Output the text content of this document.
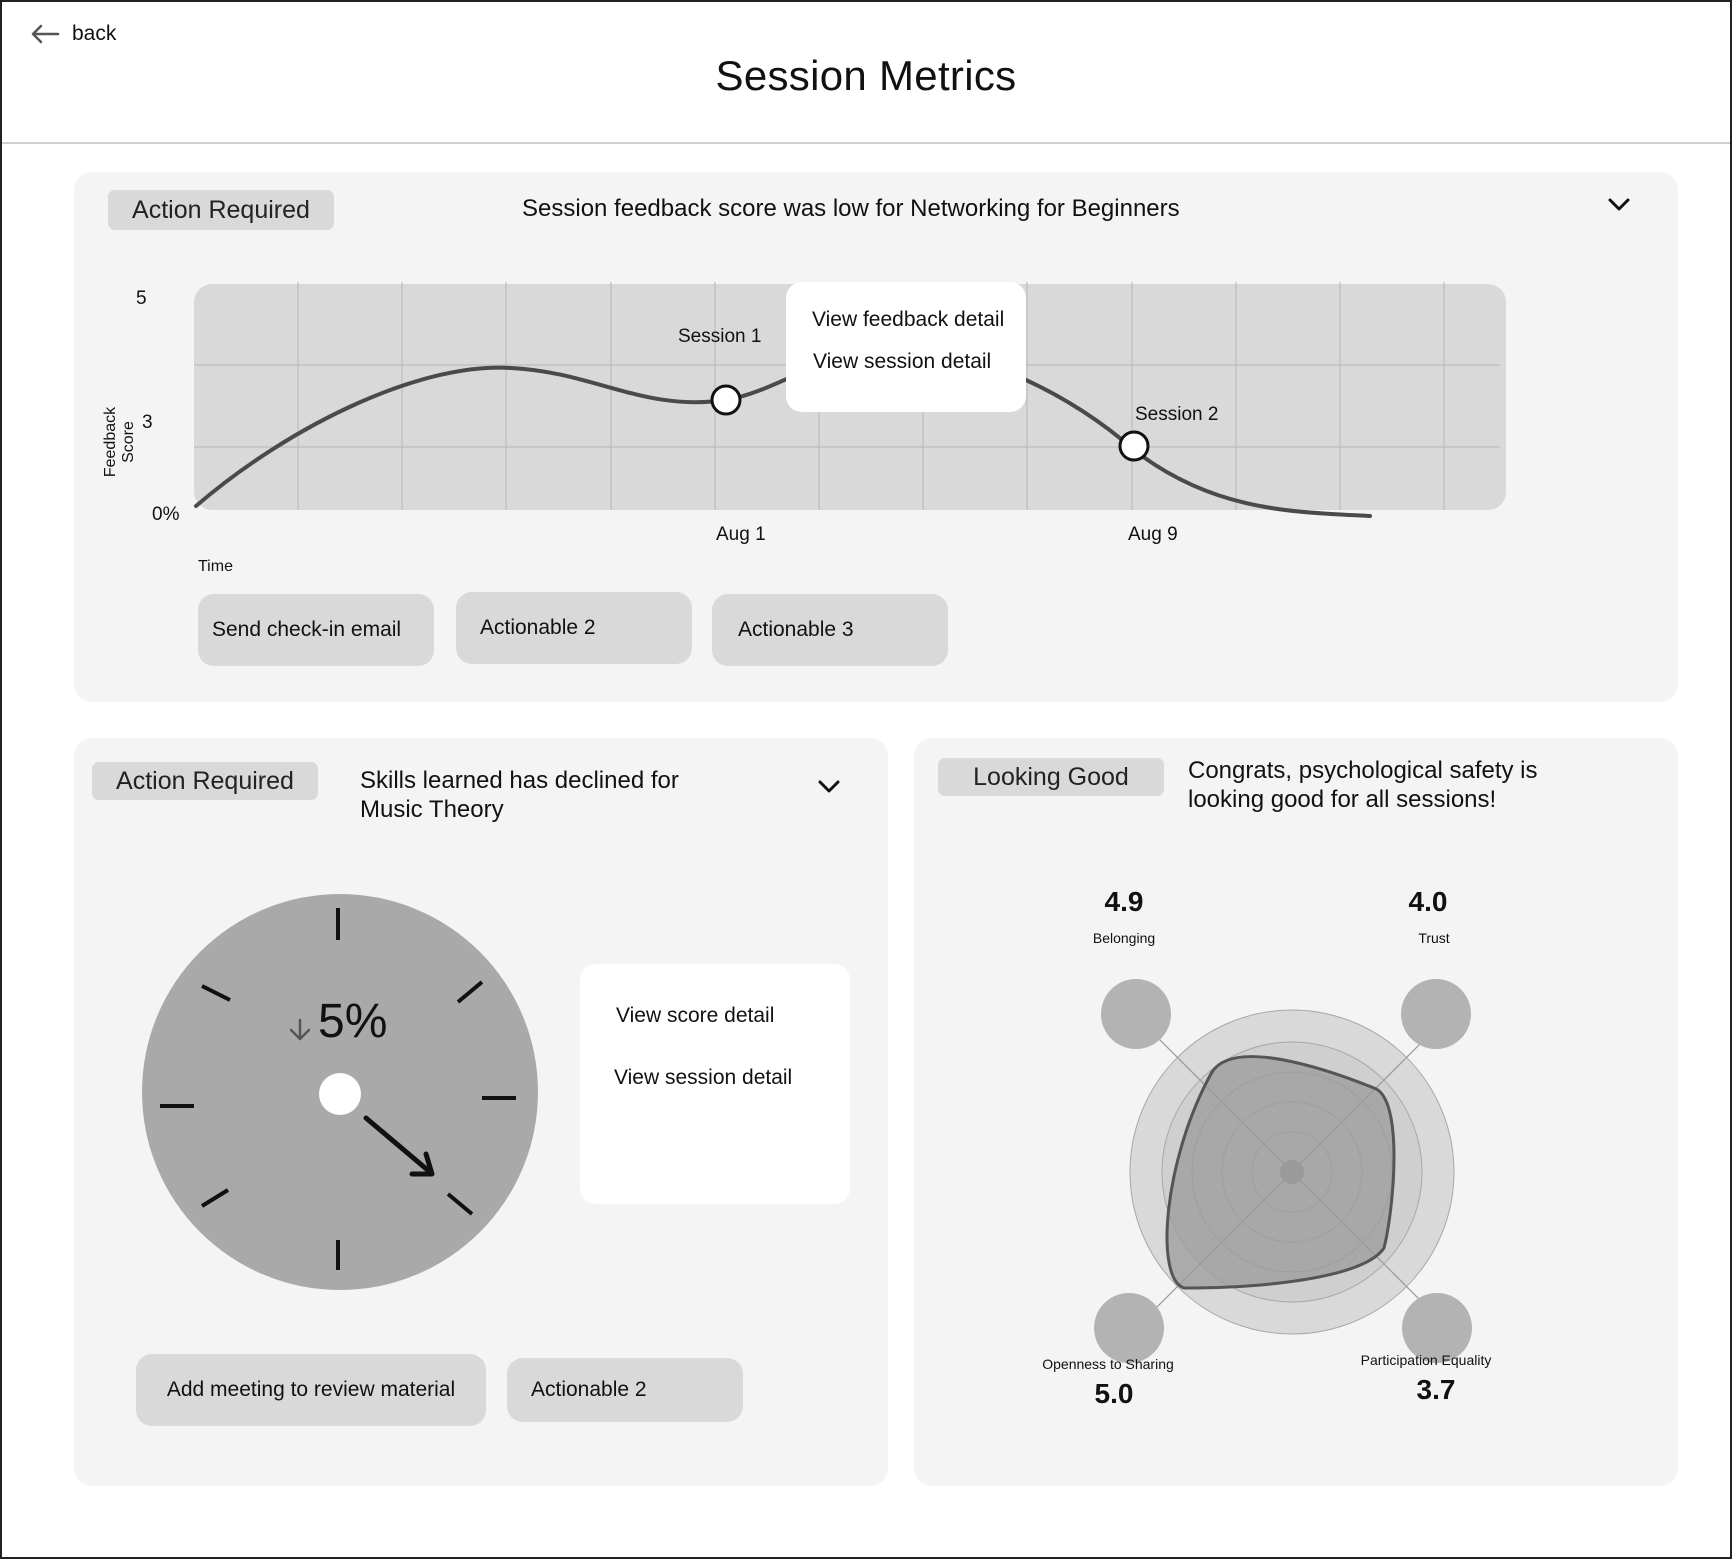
back
Session Metrics
Action Required	Session feedback score was low for Networking for Beginners
5
3
0%
Feedback Score
Session 1
Session 2
Aug 1	Aug 9
Time
View feedback detail
View session detail
Send check-in email	Actionable 2	Actionable 3
Action Required	Skills learned has declined for
Music Theory
5%	View score detail
View session detail
Add meeting to review material	Actionable 2
Looking Good	Congrats, psychological safety is
looking good for all sessions!
4.9
Belonging
4.0
Trust
Openness to Sharing
5.0
Participation Equality
3.7
